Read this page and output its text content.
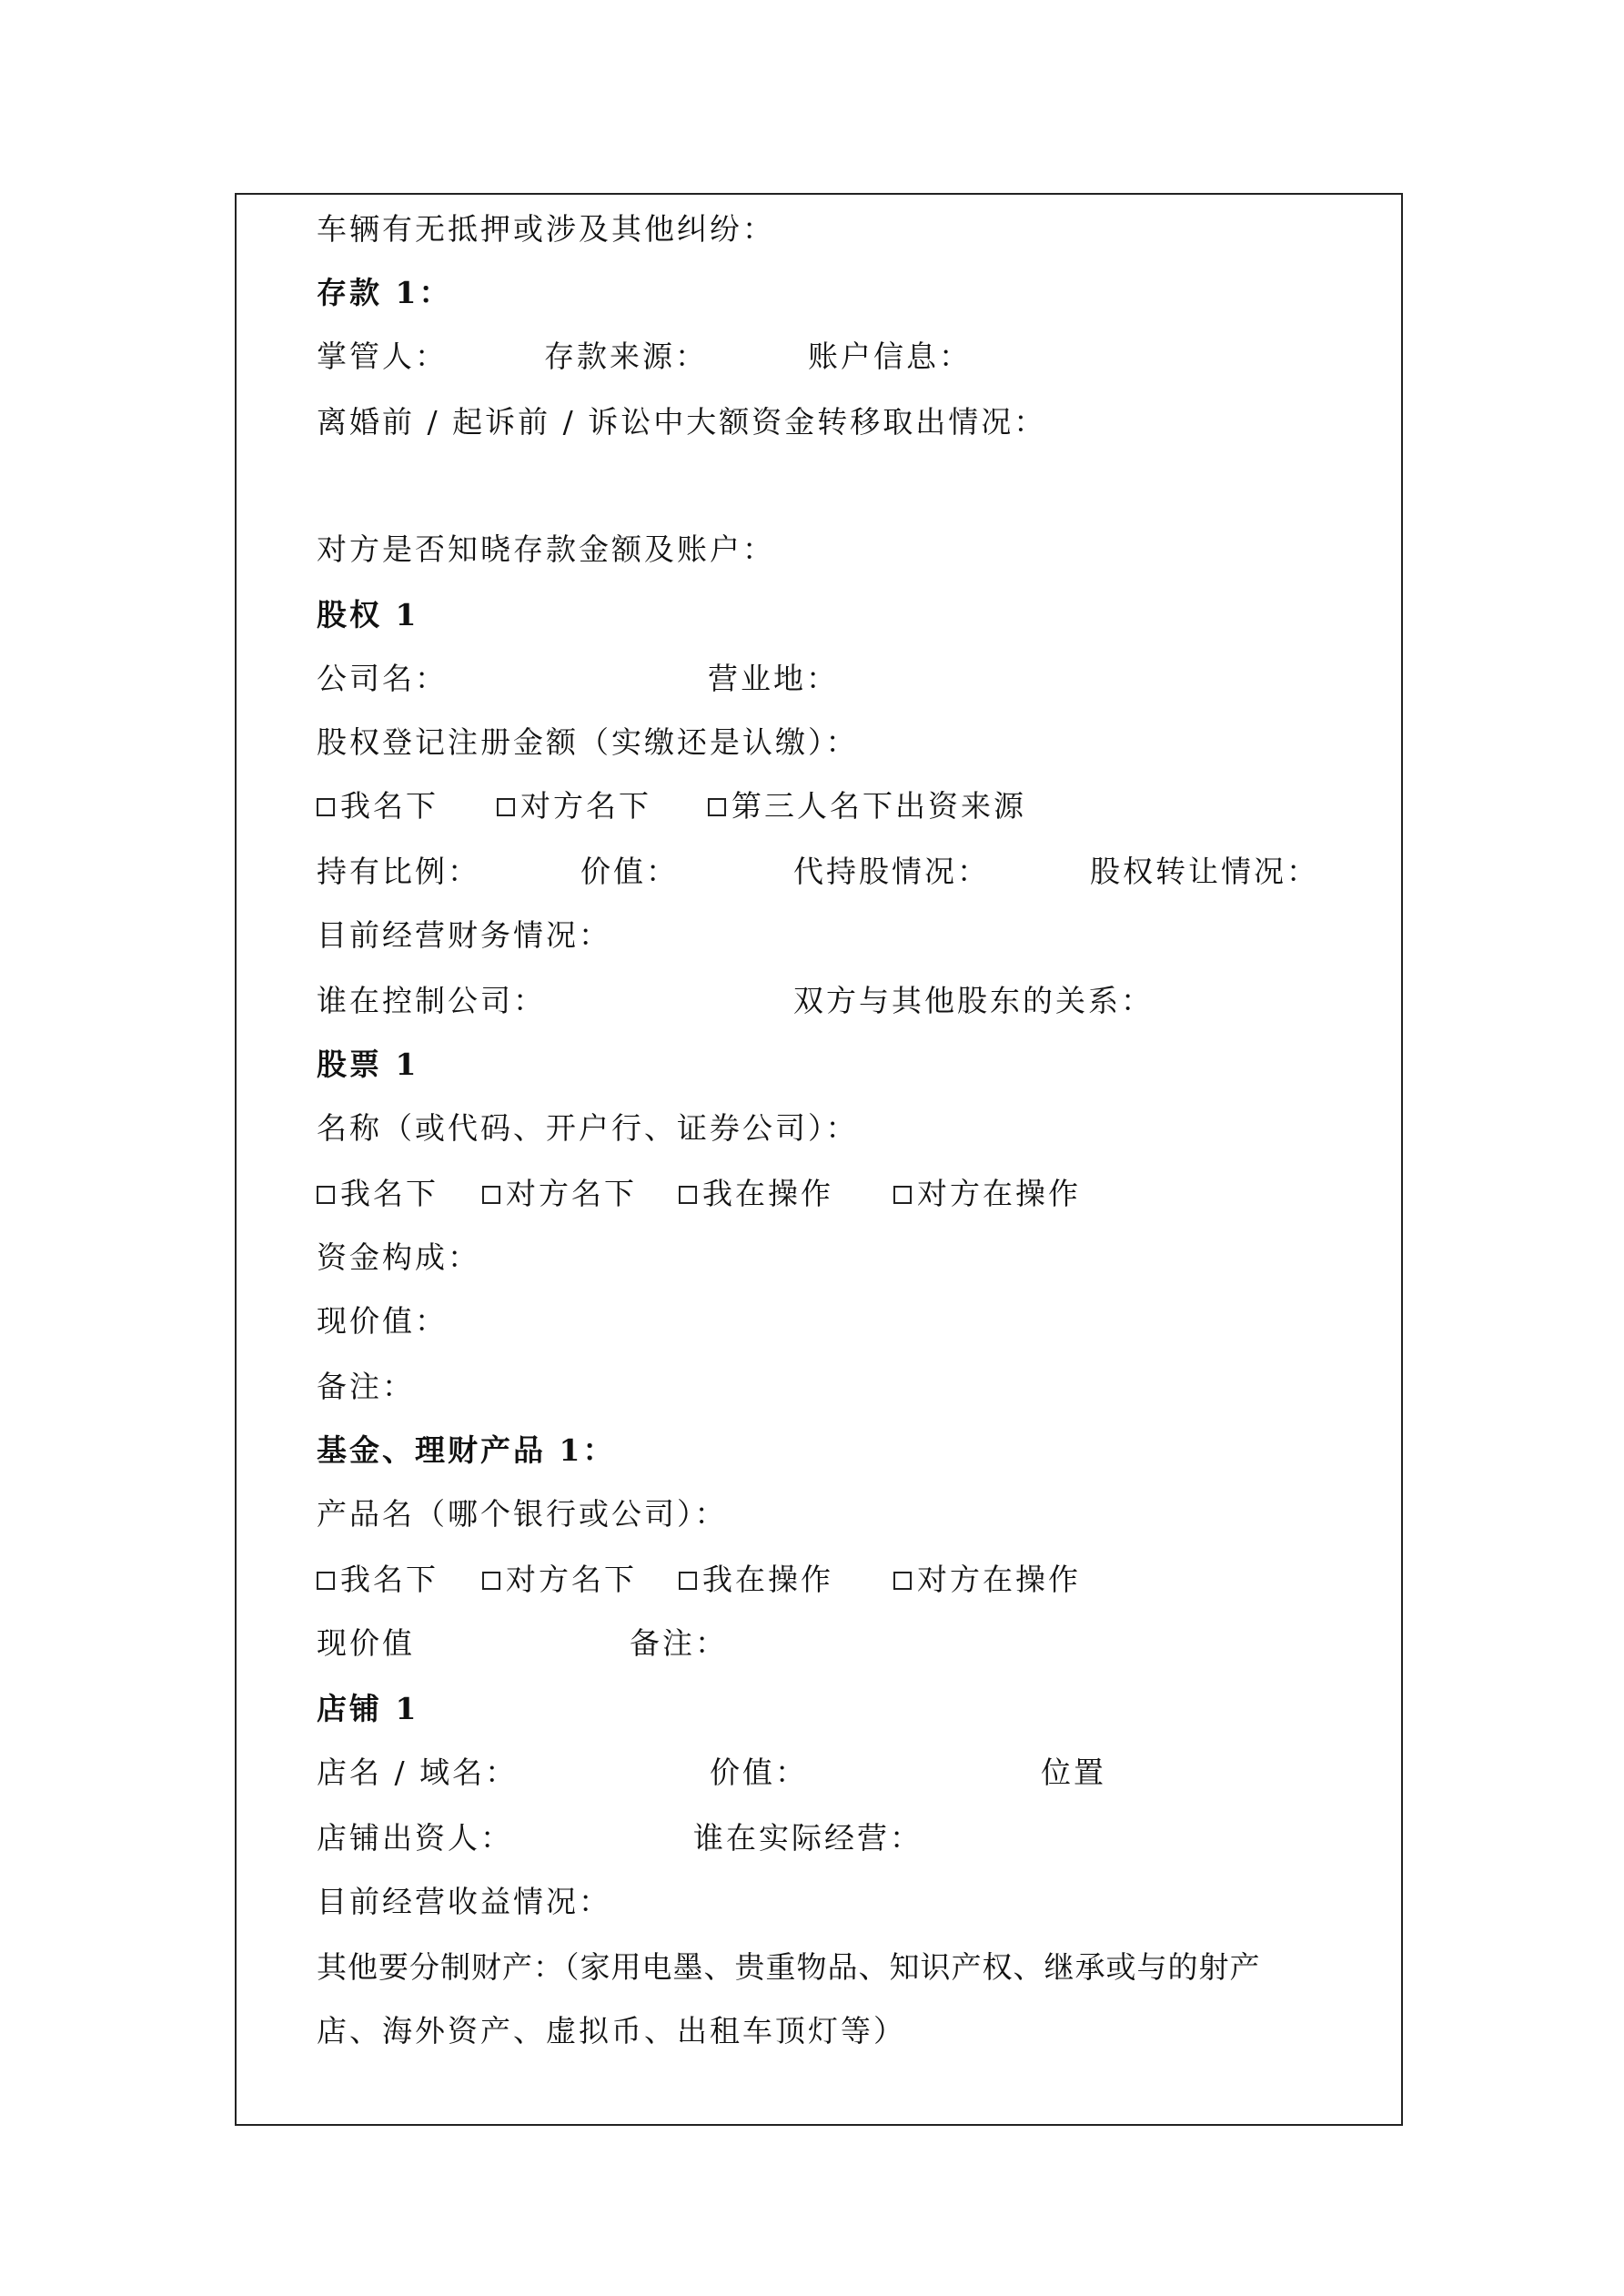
车辆有无抵押或涉及其他纠纷：
存款 1：
掌管人：	存款来源：	账户信息：
离婚前 / 起诉前 / 诉讼中大额资金转移取出情况：
对方是否知晓存款金额及账户：
股权 1
公司名：	营业地：
股权登记注册金额（实缴还是认缴）：
我名下	对方名下	第三人名下出资来源
持有比例：	价值：	代持股情况：	股权转让情况：
目前经营财务情况：
谁在控制公司：	双方与其他股东的关系：
股票 1
名称（或代码、开户行、证券公司）：
我名下	对方名下	我在操作	对方在操作
资金构成：
现价值：
备注：
基金、理财产品 1：
产品名（哪个银行或公司）：
我名下	对方名下	我在操作	对方在操作
现价值	备注：
店铺 1
店名 / 域名：	价值：	位置
店铺出资人：	谁在实际经营：
目前经营收益情况：
其他要分制财产：（家用电墨、贵重物品、知识产权、继承或与的射产
店、海外资产、虚拟币、出租车顶灯等）
